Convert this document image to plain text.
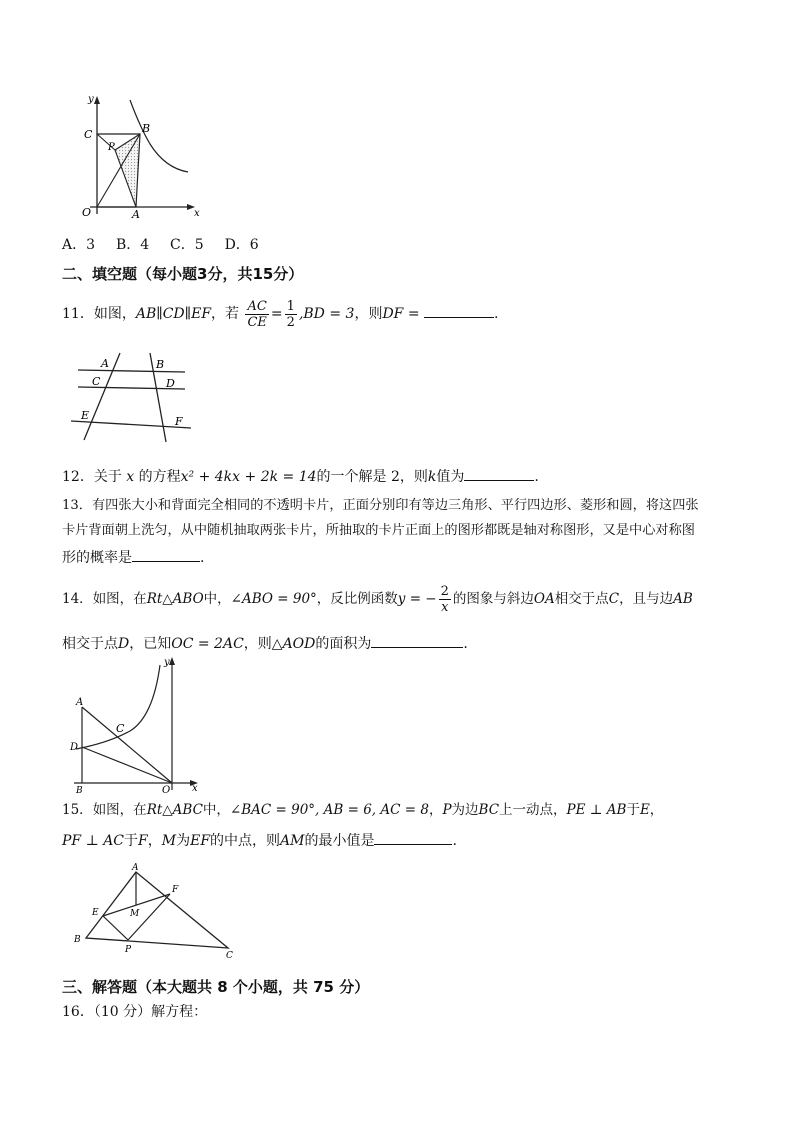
y
C	B
P
O	A	x
A．3 B．4 C．5 D．6
二、填空题（每小题3分，共15分）
11．如图，AB∥CD∥EF，若 $\frac{AC}{CE} = \frac{1}{2} ,BD = 3$，则DF =	.
A	B
C	D
E	F
12．关于 x 的方程x² + 4kx + 2k = 14的一个解是 2，则k值为	.
13．有四张大小和背面完全相同的不透明卡片，正面分别印有等边三角形、平行四边形、菱形和圆，将这四张
卡片背面朝上洗匀，从中随机抽取两张卡片，所抽取的卡片正面上的图形都既是轴对称图形，又是中心对称图
形的概率是	.
14．如图，在Rt△ABO中，∠ABO = 90°，反比例函数y = − $\frac{2}{x}$ 的图象与斜边OA相交于点C，且与边AB
相交于点D，已知OC = 2AC，则△AOD的面积为	.
y
A
C
D
B	O x
15．如图，在Rt△ABC中，∠BAC = 90°, AB = 6, AC = 8，P为边BC上一动点，PE ⊥ AB于E，
PF ⊥ AC于F，M为EF的中点，则AM的最小值是	.
A
F
E	M
B
P
C
三、解答题（本大题共 8 个小题，共 75 分）
16．（10 分）解方程：
